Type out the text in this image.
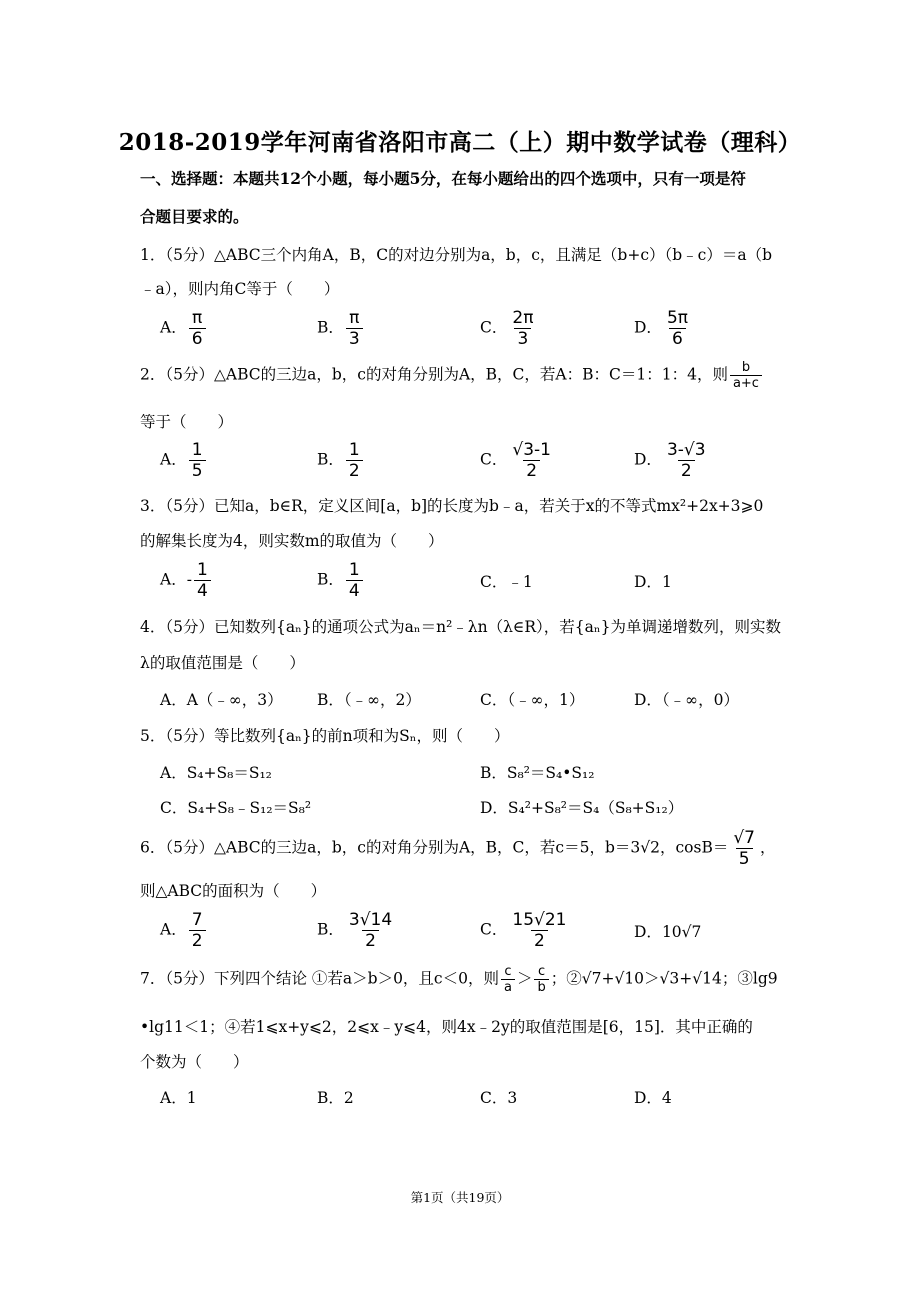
2018-2019学年河南省洛阳市高二（上）期中数学试卷（理科）
一、选择题：本题共12个小题，每小题5分，在每小题给出的四个选项中，只有一项是符
合题目要求的。
1．（5分）△ABC三个内角A，B，C的对边分别为a，b，c，且满足（b+c）（b﹣c）＝a（b
﹣a），则内角C等于（　　）
A． $\frac{\pi}{6}$	B． $\frac{\pi}{3}$	C． $\frac{2\pi}{3}$	D． $\frac{5\pi}{6}$
2．（5分）△ABC的三边a，b，c的对角分别为A，B，C，若A：B：C＝1：1：4，则 $\frac{b}{a+c}$
等于（　　）
A． $\frac{1}{5}$	B． $\frac{1}{2}$	C． $\frac{√3-1}{2}$	D． $\frac{3-√3}{2}$
3．（5分）已知a，b∈R，定义区间[a，b]的长度为b﹣a，若关于x的不等式mx²+2x+3⩾0
的解集长度为4，则实数m的取值为（　　）
A．- $\frac{1}{4}$	B． $\frac{1}{4}$	C．﹣1	D．1
4．（5分）已知数列{aₙ}的通项公式为aₙ＝n²﹣λn（λ∈R），若{aₙ}为单调递增数列，则实数
λ的取值范围是（　　）
A．A（﹣∞，3） B．（﹣∞，2）	C．（﹣∞，1）	D．（﹣∞，0）
5．（5分）等比数列{aₙ}的前n项和为Sₙ，则（　　）
A．S₄+S₈＝S₁₂	B．S₈²＝S₄•S₁₂
C．S₄+S₈﹣S₁₂＝S₈²	D．S₄²+S₈²＝S₄（S₈+S₁₂）
6．（5分）△ABC的三边a，b，c的对角分别为A，B，C，若c＝5，b＝3√2，$\cos B= \frac{√7}{5}$ ，
则△ABC的面积为（　　）
A． $\frac{7}{2}$	B． $\frac{3√14}{2}$	C． $\frac{15√21}{2}$	D．10√7
7．（5分）下列四个结论 ①若a＞b＞0，且c＜0，则 $\frac{c}{a} > \frac{c}{b}$ ；②√7+√10＞√3+√14；③lg9
•lg11＜1；④若1⩽x+y⩽2，2⩽x﹣y⩽4，则4x﹣2y的取值范围是[6，15]．其中正确的
个数为（　　）
A．1	B．2	C．3	D．4
第1页（共19页）
